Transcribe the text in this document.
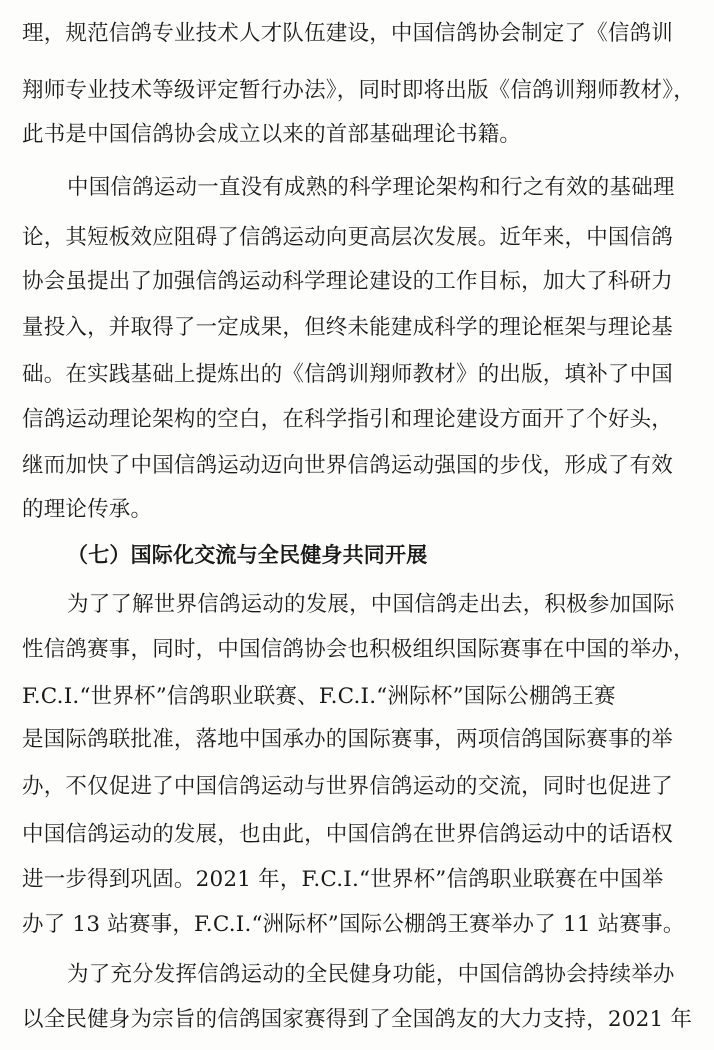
理，规范信鸽专业技术人才队伍建设，中国信鸽协会制定了《信鸽训
翔师专业技术等级评定暂行办法》，同时即将出版《信鸽训翔师教材》，
此书是中国信鸽协会成立以来的首部基础理论书籍。
中国信鸽运动一直没有成熟的科学理论架构和行之有效的基础理
论，其短板效应阻碍了信鸽运动向更高层次发展。近年来，中国信鸽
协会虽提出了加强信鸽运动科学理论建设的工作目标，加大了科研力
量投入，并取得了一定成果，但终未能建成科学的理论框架与理论基
础。在实践基础上提炼出的《信鸽训翔师教材》的出版，填补了中国
信鸽运动理论架构的空白，在科学指引和理论建设方面开了个好头，
继而加快了中国信鸽运动迈向世界信鸽运动强国的步伐，形成了有效
的理论传承。
（七）国际化交流与全民健身共同开展
为了了解世界信鸽运动的发展，中国信鸽走出去，积极参加国际
性信鸽赛事，同时，中国信鸽协会也积极组织国际赛事在中国的举办，
F.C.I.“世界杯”信鸽职业联赛、F.C.I.“洲际杯”国际公棚鸽王赛
是国际鸽联批准，落地中国承办的国际赛事，两项信鸽国际赛事的举
办，不仅促进了中国信鸽运动与世界信鸽运动的交流，同时也促进了
中国信鸽运动的发展，也由此，中国信鸽在世界信鸽运动中的话语权
进一步得到巩固。2021 年，F.C.I.“世界杯”信鸽职业联赛在中国举
办了 13 站赛事，F.C.I.“洲际杯”国际公棚鸽王赛举办了 11 站赛事。
为了充分发挥信鸽运动的全民健身功能，中国信鸽协会持续举办
以全民健身为宗旨的信鸽国家赛得到了全国鸽友的大力支持，2021 年
